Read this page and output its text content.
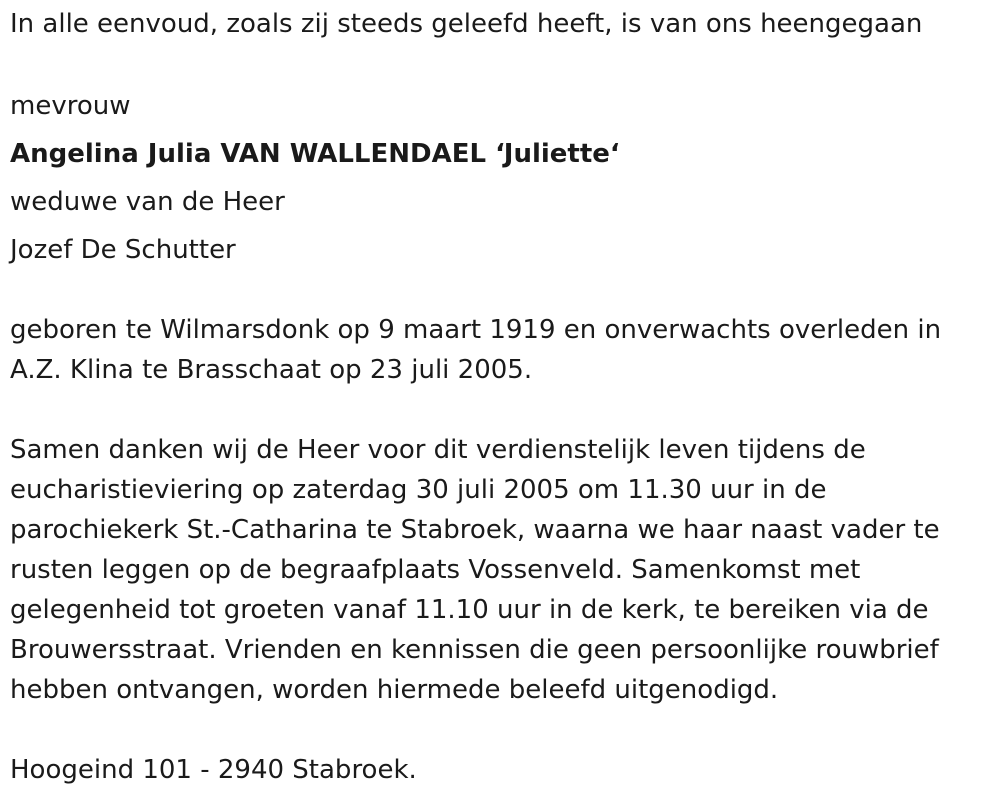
In alle eenvoud, zoals zij steeds geleefd heeft, is van ons heengegaan
mevrouw
Angelina Julia VAN WALLENDAEL ‘Juliette‘
weduwe van de Heer
Jozef De Schutter
geboren te Wilmarsdonk op 9 maart 1919 en onverwachts overleden in
A.Z. Klina te Brasschaat op 23 juli 2005.
Samen danken wij de Heer voor dit verdienstelijk leven tijdens de
eucharistieviering op zaterdag 30 juli 2005 om 11.30 uur in de
parochiekerk St.-Catharina te Stabroek, waarna we haar naast vader te
rusten leggen op de begraafplaats Vossenveld. Samenkomst met
gelegenheid tot groeten vanaf 11.10 uur in de kerk, te bereiken via de
Brouwersstraat. Vrienden en kennissen die geen persoonlijke rouwbrief
hebben ontvangen, worden hiermede beleefd uitgenodigd.
Hoogeind 101 - 2940 Stabroek.
